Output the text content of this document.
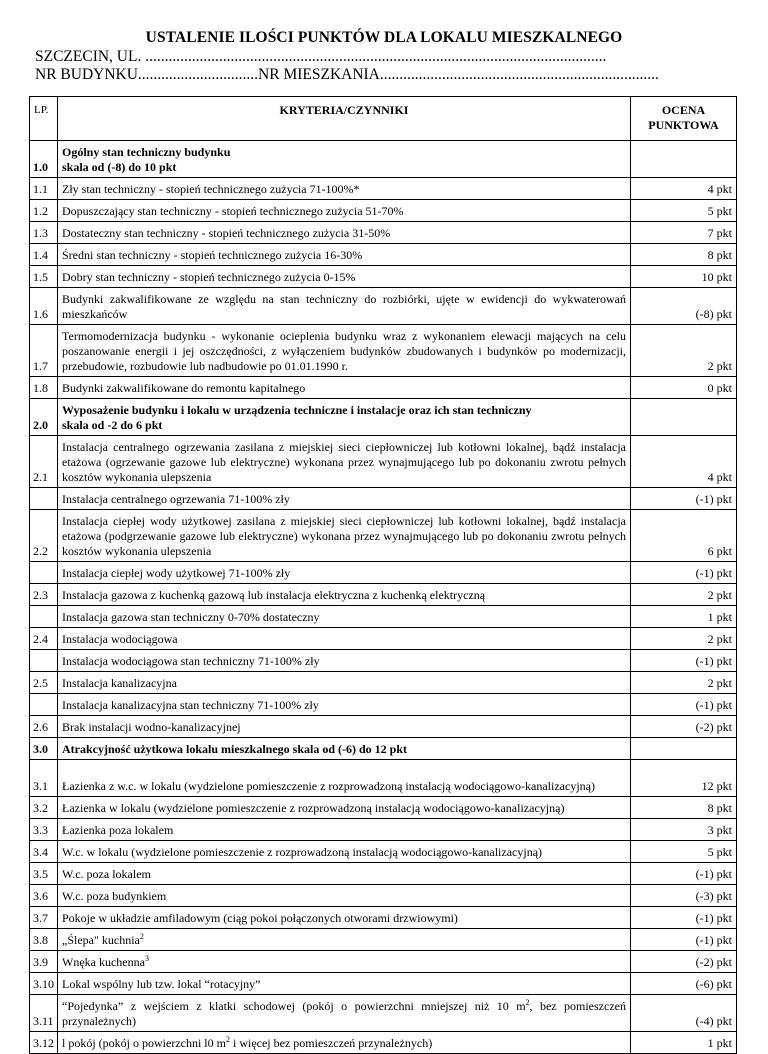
USTALENIE ILOŚCI PUNKTÓW DLA LOKALU MIESZKALNEGO
SZCZECIN, UL. .......................................................................................................................
NR BUDYNKU...............................NR MIESZKANIA........................................................................
LP.	KRYTERIA/CZYNNIKI	OCENA PUNKTOWA
1.0	Ogólny stan techniczny budynku
skala od (-8) do 10 pkt	
1.1	Zły stan techniczny - stopień technicznego zużycia 71-100%*	4 pkt
1.2	Dopuszczający stan techniczny - stopień technicznego zużycia 51-70%	5 pkt
1.3	Dostateczny stan techniczny - stopień technicznego zużycia 31-50%	7 pkt
1.4	Średni stan techniczny - stopień technicznego zużycia 16-30%	8 pkt
1.5	Dobry stan techniczny - stopień technicznego zużycia 0-15%	10 pkt
1.6	Budynki zakwalifikowane ze względu na stan techniczny do rozbiórki, ujęte w ewidencji do wykwaterowań mieszkańców	(-8) pkt
1.7	Termomodernizacja budynku - wykonanie ocieplenia budynku wraz z wykonaniem elewacji mających na celu poszanowanie energii i jej oszczędności, z wyłączeniem budynków zbudowanych i budynków po modernizacji, przebudowie, rozbudowie lub nadbudowie po 01.01.1990 r.	2 pkt
1.8	Budynki zakwalifikowane do remontu kapitalnego	0 pkt
2.0	Wyposażenie budynku i lokalu w urządzenia techniczne i instalacje oraz ich stan techniczny
skala od -2 do 6 pkt	
2.1	Instalacja centralnego ogrzewania zasilana z miejskiej sieci ciepłowniczej lub kotłowni lokalnej, bądź instalacja etażowa (ogrzewanie gazowe lub elektryczne) wykonana przez wynajmującego lub po dokonaniu zwrotu pełnych kosztów wykonania ulepszenia	4 pkt
	Instalacja centralnego ogrzewania 71-100% zły	(-1) pkt
2.2	Instalacja ciepłej wody użytkowej zasilana z miejskiej sieci ciepłowniczej lub kotłowni lokalnej, bądź instalacja etażowa (podgrzewanie gazowe lub elektryczne) wykonana przez wynajmującego lub po dokonaniu zwrotu pełnych kosztów wykonania ulepszenia	6 pkt
	Instalacja ciepłej wody użytkowej 71-100% zły	(-1) pkt
2.3	Instalacja gazowa z kuchenką gazową lub instalacja elektryczna z kuchenką elektryczną	2 pkt
	Instalacja gazowa stan techniczny 0-70% dostateczny	1 pkt
2.4	Instalacja wodociągowa	2 pkt
	Instalacja wodociągowa stan techniczny 71-100% zły	(-1) pkt
2.5	Instalacja kanalizacyjna	2 pkt
	Instalacja kanalizacyjna stan techniczny 71-100% zły	(-1) pkt
2.6	Brak instalacji wodno-kanalizacyjnej	(-2) pkt
3.0	Atrakcyjność użytkowa lokalu mieszkalnego skala od (-6) do 12 pkt	
3.1	Łazienka z w.c. w lokalu (wydzielone pomieszczenie z rozprowadzoną instalacją wodociągowo-kanalizacyjną)	12 pkt
3.2	Łazienka w lokalu (wydzielone pomieszczenie z rozprowadzoną instalacją wodociągowo-kanalizacyjną)	8 pkt
3.3	Łazienka poza lokalem	3 pkt
3.4	W.c. w lokalu (wydzielone pomieszczenie z rozprowadzoną instalacją wodociągowo-kanalizacyjną)	5 pkt
3.5	W.c. poza lokalem	(-1) pkt
3.6	W.c. poza budynkiem	(-3) pkt
3.7	Pokoje w układzie amfiladowym (ciąg pokoi połączonych otworami drzwiowymi)	(-1) pkt
3.8	„Ślepa" kuchnia$^2$	(-1) pkt
3.9	Wnęka kuchenna$^3$	(-2) pkt
3.10	Lokal wspólny lub tzw. lokal “rotacyjny”	(-6) pkt
3.11	“Pojedynka” z wejściem z klatki schodowej (pokój o powierzchni mniejszej niż 10 $m^2$, bez pomieszczeń przynależnych)	(-4) pkt
3.12	l pokój (pokój o powierzchni l0 $m^2$ i więcej bez pomieszczeń przynależnych)	1 pkt
